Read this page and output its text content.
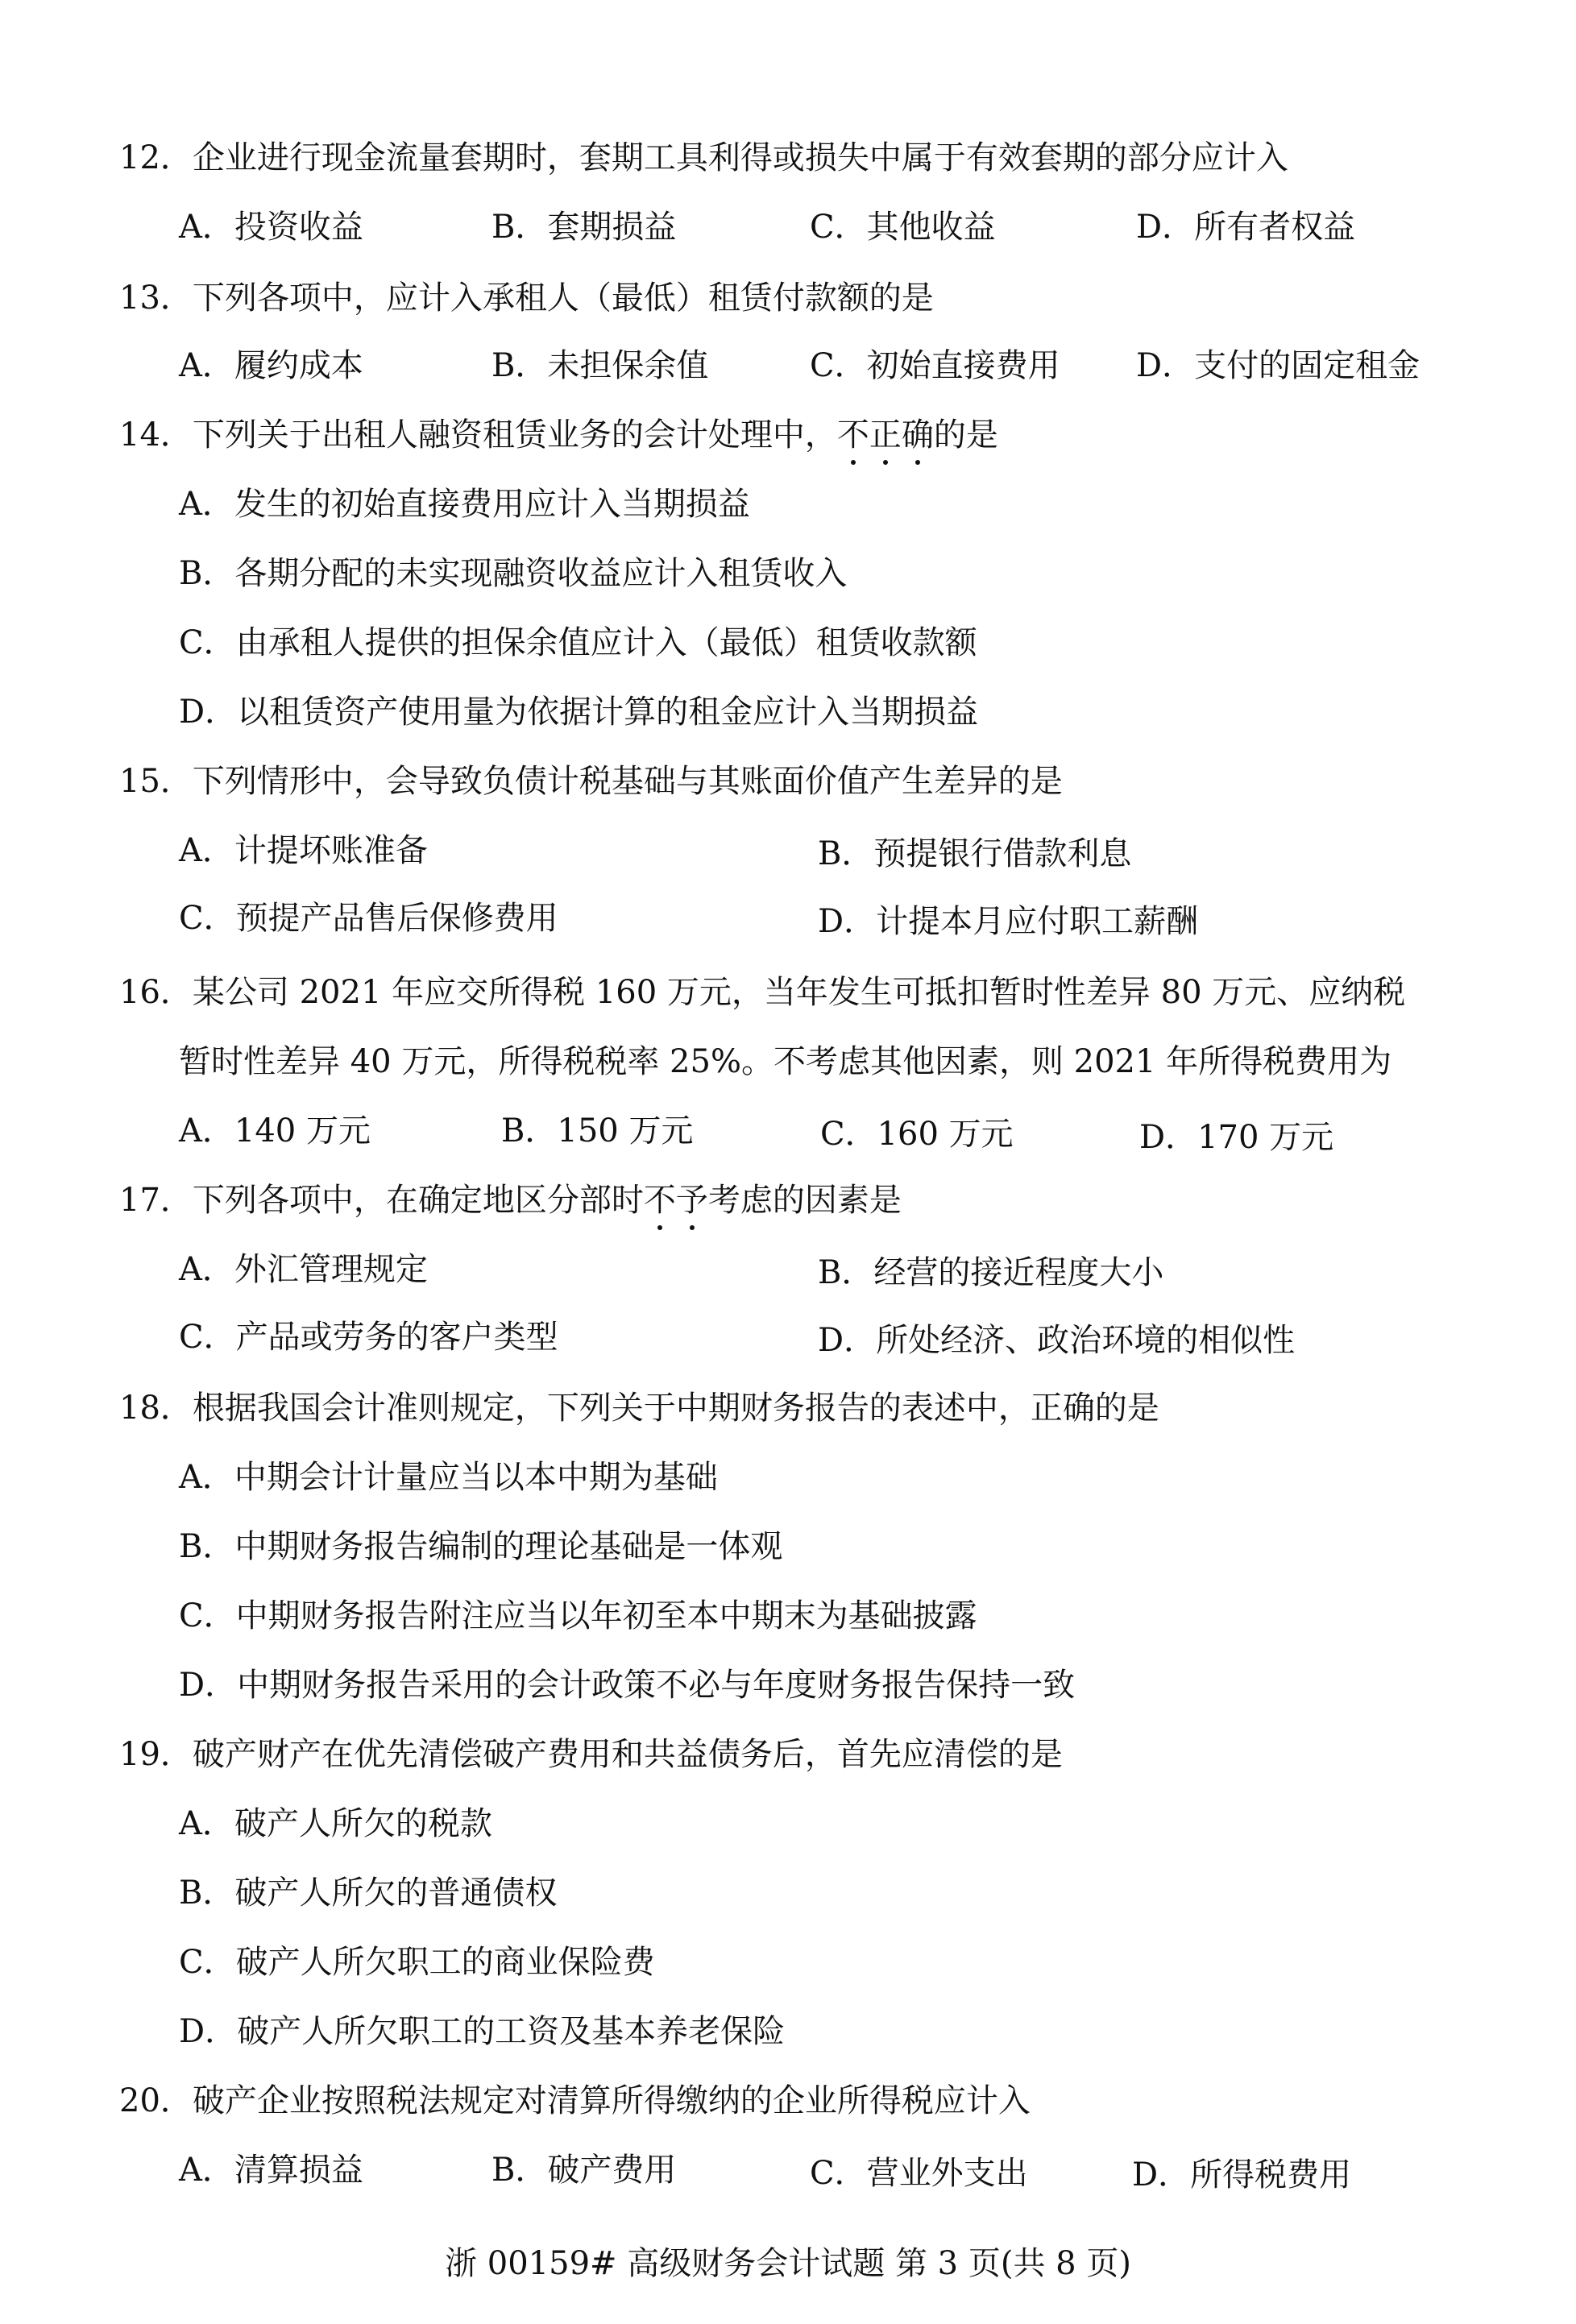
12．企业进行现金流量套期时，套期工具利得或损失中属于有效套期的部分应计入
A．投资收益	B．套期损益	C．其他收益	D．所有者权益
13．下列各项中，应计入承租人（最低）租赁付款额的是
A．履约成本	B．未担保余值	C．初始直接费用 D．支付的固定租金
14．下列关于出租人融资租赁业务的会计处理中，不正确的是
A．发生的初始直接费用应计入当期损益
B．各期分配的未实现融资收益应计入租赁收入
C．由承租人提供的担保余值应计入（最低）租赁收款额
D．以租赁资产使用量为依据计算的租金应计入当期损益
15．下列情形中，会导致负债计税基础与其账面价值产生差异的是
A．计提坏账准备	B．预提银行借款利息
C．预提产品售后保修费用	D．计提本月应付职工薪酬
16．某公司 2021 年应交所得税 160 万元，当年发生可抵扣暂时性差异 80 万元、应纳税
暂时性差异 40 万元，所得税税率 25%。不考虑其他因素，则 2021 年所得税费用为
A．140 万元	B．150 万元	C．160 万元	D．170 万元
17．下列各项中，在确定地区分部时不予考虑的因素是
A．外汇管理规定	B．经营的接近程度大小
C．产品或劳务的客户类型	D．所处经济、政治环境的相似性
18．根据我国会计准则规定，下列关于中期财务报告的表述中，正确的是
A．中期会计计量应当以本中期为基础
B．中期财务报告编制的理论基础是一体观
C．中期财务报告附注应当以年初至本中期末为基础披露
D．中期财务报告采用的会计政策不必与年度财务报告保持一致
19．破产财产在优先清偿破产费用和共益债务后，首先应清偿的是
A．破产人所欠的税款
B．破产人所欠的普通债权
C．破产人所欠职工的商业保险费
D．破产人所欠职工的工资及基本养老保险
20．破产企业按照税法规定对清算所得缴纳的企业所得税应计入
A．清算损益	B．破产费用	C．营业外支出	D．所得税费用
浙 00159# 高级财务会计试题 第 3 页(共 8 页)
